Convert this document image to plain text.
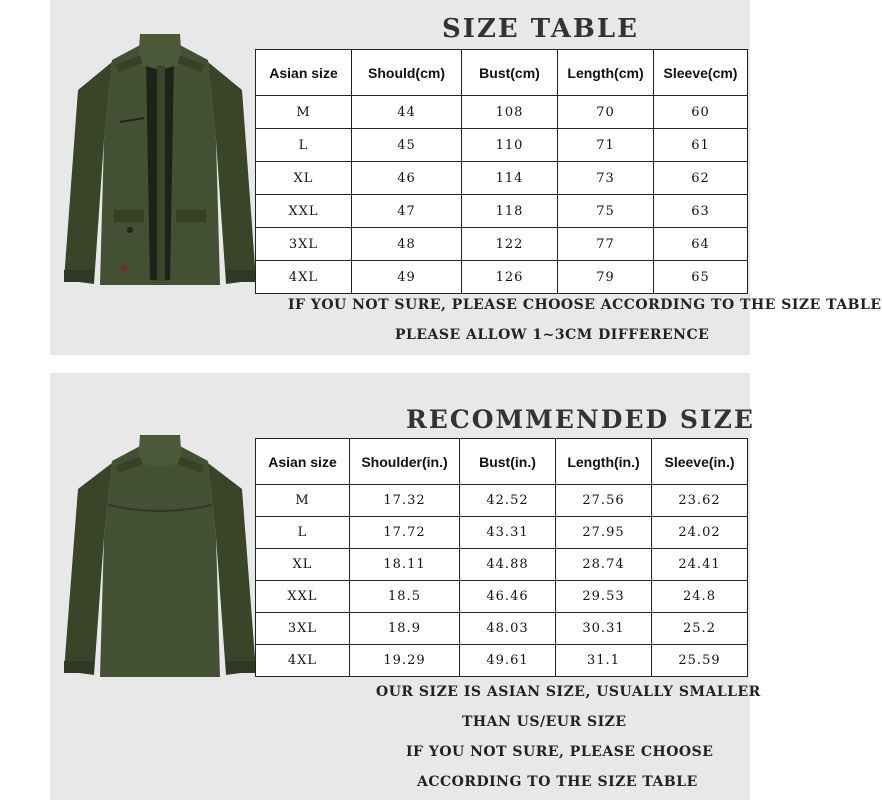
SIZE TABLE
Asian size	Should(cm)	Bust(cm)	Length(cm)	Sleeve(cm)
M	44	108	70	60
L	45	110	71	61
XL	46	114	73	62
XXL	47	118	75	63
3XL	48	122	77	64
4XL	49	126	79	65
IF YOU NOT SURE, PLEASE CHOOSE ACCORDING TO THE SIZE TABLE
PLEASE ALLOW 1~3CM DIFFERENCE
RECOMMENDED SIZE
Asian size	Shoulder(in.)	Bust(in.)	Length(in.)	Sleeve(in.)
M	17.32	42.52	27.56	23.62
L	17.72	43.31	27.95	24.02
XL	18.11	44.88	28.74	24.41
XXL	18.5	46.46	29.53	24.8
3XL	18.9	48.03	30.31	25.2
4XL	19.29	49.61	31.1	25.59
OUR SIZE IS ASIAN SIZE, USUALLY SMALLER
THAN US/EUR SIZE
IF YOU NOT SURE, PLEASE CHOOSE
ACCORDING TO THE SIZE TABLE
